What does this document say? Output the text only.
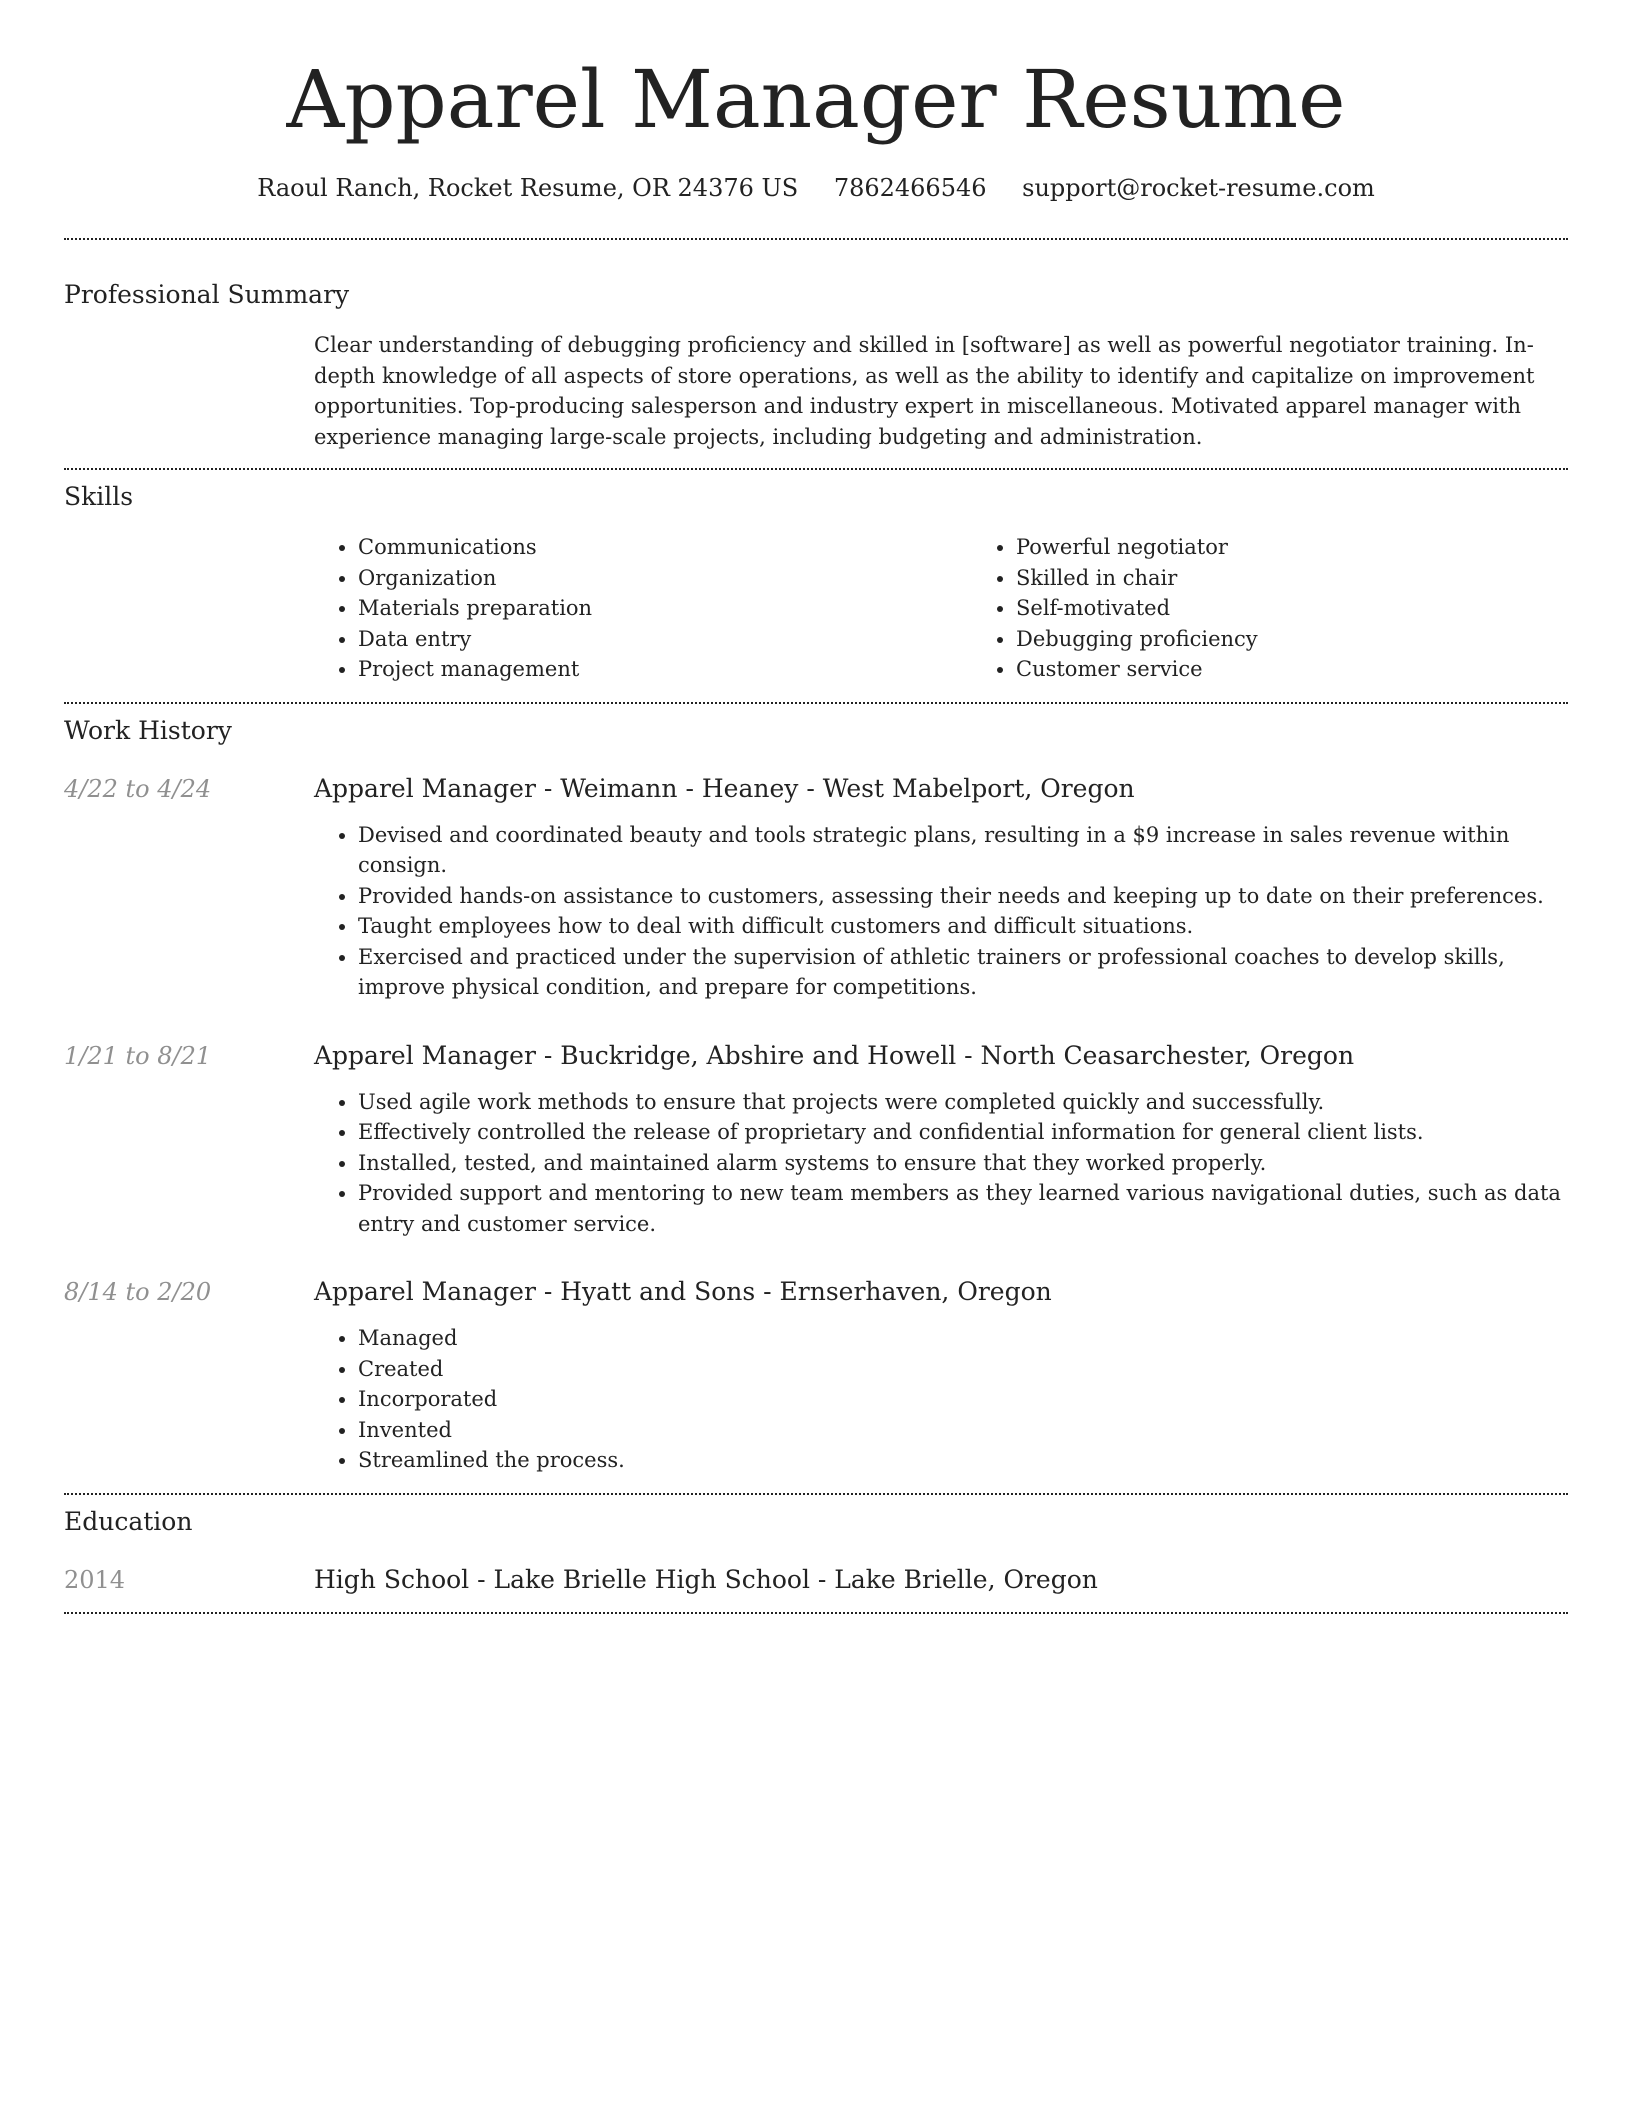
Apparel Manager Resume
Raoul Ranch, Rocket Resume, OR 24376 US 7862466546 support@rocket-resume.com
Professional Summary

Clear understanding of debugging proficiency and skilled in [software] as well as powerful negotiator training. In-depth knowledge of all aspects of store operations, as well as the ability to identify and capitalize on improvement opportunities. Top-producing salesperson and industry expert in miscellaneous. Motivated apparel manager with experience managing large-scale projects, including budgeting and administration.

Skills
• Communications
• Organization
• Materials preparation
• Data entry
• Project management
• Powerful negotiator
• Skilled in chair
• Self-motivated
• Debugging proficiency
• Customer service
Work History
4/22 to 4/24	Apparel Manager - Weimann - Heaney - West Mabelport, Oregon
• Devised and coordinated beauty and tools strategic plans, resulting in a $9 increase in sales revenue within consign.
• Provided hands-on assistance to customers, assessing their needs and keeping up to date on their preferences.
• Taught employees how to deal with difficult customers and difficult situations.
• Exercised and practiced under the supervision of athletic trainers or professional coaches to develop skills, improve physical condition, and prepare for competitions.
1/21 to 8/21	Apparel Manager - Buckridge, Abshire and Howell - North Ceasarchester, Oregon
• Used agile work methods to ensure that projects were completed quickly and successfully.
• Effectively controlled the release of proprietary and confidential information for general client lists.
• Installed, tested, and maintained alarm systems to ensure that they worked properly.
• Provided support and mentoring to new team members as they learned various navigational duties, such as data entry and customer service.
8/14 to 2/20	Apparel Manager - Hyatt and Sons - Ernserhaven, Oregon
• Managed
• Created
• Incorporated
• Invented
• Streamlined the process.
Education
2014	High School - Lake Brielle High School - Lake Brielle, Oregon
